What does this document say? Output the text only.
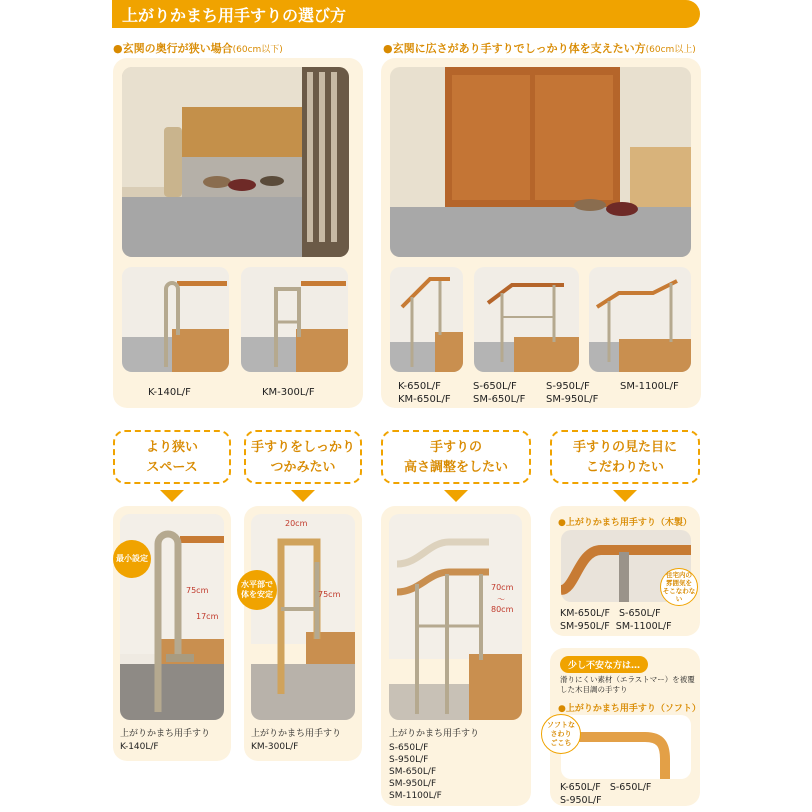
上がりかまち用手すりの選び方
●玄関の奥行が狭い場合(60cm以下)	●玄関に広さがあり手すりでしっかり体を支えたい方(60cm以上)
K-140L/F	KM-300L/F
K-650L/F
KM-650L/F
S-650L/F
SM-650L/F
S-950L/F
SM-950L/F
SM-1100L/F
より狭い
スペース
手すりをしっかり
つかみたい
手すりの
高さ調整をしたい
手すりの見た目に
こだわりたい
最小設定
75cm
17cm
上がりかまち用手すり
K-140L/F
20cm
75cm
水平部で
体を安定
上がりかまち用手すり
KM-300L/F
70cm
〜
80cm
上がりかまち用手すり
S-650L/F
S-950L/F
SM-650L/F
SM-950L/F
SM-1100L/F
●上がりかまち用手すり（木製）
住宅内の
雰囲気を
そこなわない
KM-650L/F S-650L/F
SM-950L/F SM-1100L/F
少し不安な方は…
滑りにくい素材（エラストマー）を被覆
した木目調の手すり
●上がりかまち用手すり（ソフト）
ソフトな
さわり
ごこち
K-650L/F S-650L/F
S-950L/F
